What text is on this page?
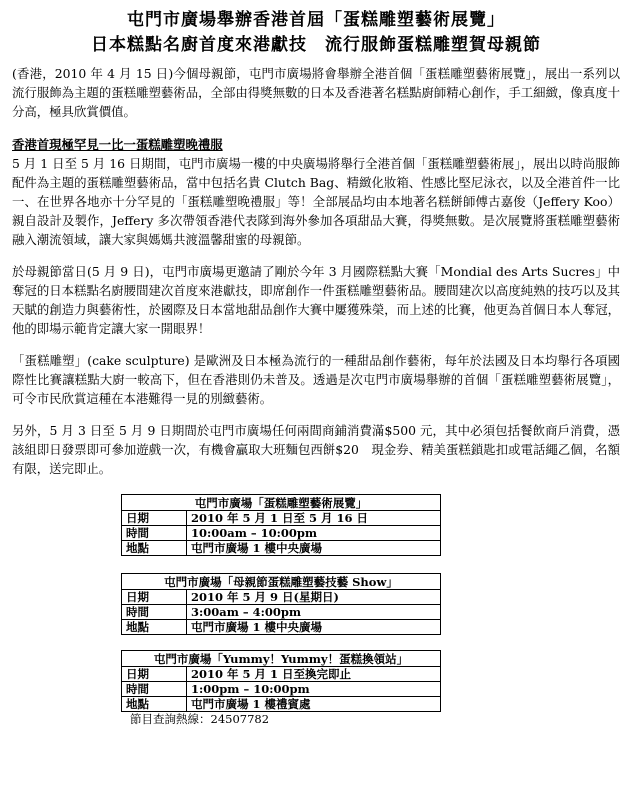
屯門市廣場舉辦香港首屆「蛋糕雕塑藝術展覽」
日本糕點名廚首度來港獻技　流行服飾蛋糕雕塑賀母親節

(香港，2010 年 4 月 15 日)今個母親節，屯門市廣場將會舉辦全港首個「蛋糕雕塑藝術展覽」，展出一系列以流行服飾為主題的蛋糕雕塑藝術品，全部由得獎無數的日本及香港著名糕點廚師精心創作，手工細緻，像真度十分高，極具欣賞價值。

香港首現極罕見一比一蛋糕雕塑晚禮服

5 月 1 日至 5 月 16 日期間，屯門市廣場一樓的中央廣場將舉行全港首個「蛋糕雕塑藝術展」，展出以時尚服飾配件為主題的蛋糕雕塑藝術品，當中包括名貴 Clutch Bag、精緻化妝箱、性感比堅尼泳衣，以及全港首件一比一、在世界各地亦十分罕見的「蛋糕雕塑晚禮服」等！全部展品均由本地著名糕餅師傅古嘉俊（Jeffery Koo）親自設計及製作，Jeffery 多次帶領香港代表隊到海外參加各項甜品大賽，得獎無數。是次展覽將蛋糕雕塑藝術融入潮流領域，讓大家與媽媽共渡溫馨甜蜜的母親節。

於母親節當日(5 月 9 日)，屯門市廣場更邀請了剛於今年 3 月國際糕點大賽「Mondial des Arts Sucres」中奪冠的日本糕點名廚腰間建次首度來港獻技，即席創作一件蛋糕雕塑藝術品。腰間建次以高度純熟的技巧以及其天賦的創造力與藝術性，於國際及日本當地甜品創作大賽中屢獲殊榮，而上述的比賽，他更為首個日本人奪冠，他的即場示範肯定讓大家一開眼界！

「蛋糕雕塑」(cake sculpture) 是歐洲及日本極為流行的一種甜品創作藝術，每年於法國及日本均舉行各項國際性比賽讓糕點大廚一較高下，但在香港則仍未普及。透過是次屯門市廣場舉辦的首個「蛋糕雕塑藝術展覽」，可令市民欣賞這種在本港難得一見的別緻藝術。

另外，5 月 3 日至 5 月 9 日期間於屯門市廣場任何兩間商鋪消費滿$500 元，其中必須包括餐飲商戶消費，憑該組即日發票即可參加遊戲一次，有機會贏取大班麵包西餅$20　現金券、精美蛋糕鎖匙扣或電話繩乙個，名額有限，送完即止。

屯門市廣場「蛋糕雕塑藝術展覽」	
日期	2010 年 5 月 1 日至 5 月 16 日
時間	10:00am – 10:00pm
地點	屯門市廣場 1 樓中央廣場
屯門市廣場「母親節蛋糕雕塑藝技藝 Show」	
日期	2010 年 5 月 9 日(星期日)
時間	3:00am – 4:00pm
地點	屯門市廣場 1 樓中央廣場
屯門市廣場「Yummy！Yummy！蛋糕換領站」	
日期	2010 年 5 月 1 日至換完即止
時間	1:00pm – 10:00pm
地點	屯門市廣場 1 樓禮賓處
節目查詢熱線：24507782
